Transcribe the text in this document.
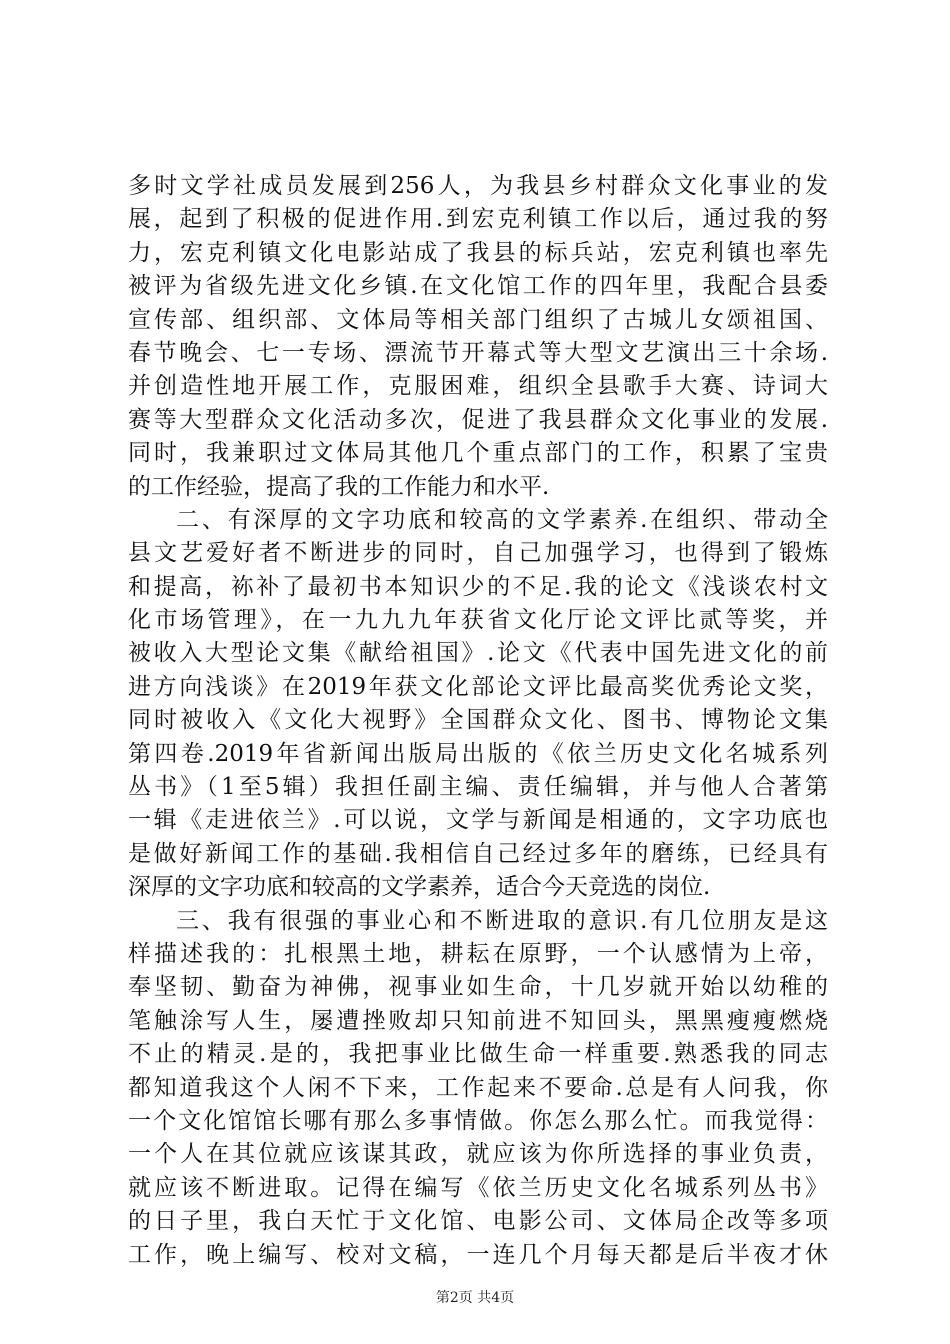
多时文学社成员发展到256人，为我县乡村群众文化事业的发
展，起到了积极的促进作用.到宏克利镇工作以后，通过我的努
力，宏克利镇文化电影站成了我县的标兵站，宏克利镇也率先
被评为省级先进文化乡镇.在文化馆工作的四年里，我配合县委
宣传部、组织部、文体局等相关部门组织了古城儿女颂祖国、
春节晚会、七一专场、漂流节开幕式等大型文艺演出三十余场.
并创造性地开展工作，克服困难，组织全县歌手大赛、诗词大
赛等大型群众文化活动多次，促进了我县群众文化事业的发展.
同时，我兼职过文体局其他几个重点部门的工作，积累了宝贵
的工作经验，提高了我的工作能力和水平.
二、有深厚的文字功底和较高的文学素养.在组织、带动全
县文艺爱好者不断进步的同时，自己加强学习，也得到了锻炼
和提高，袮补了最初书本知识少的不足.我的论文《浅谈农村文
化市场管理》，在一九九九年获省文化厅论文评比贰等奖，并
被收入大型论文集《献给祖国》.论文《代表中国先进文化的前
进方向浅谈》在2019年获文化部论文评比最高奖优秀论文奖，
同时被收入《文化大视野》全国群众文化、图书、博物论文集
第四卷.2019年省新闻出版局出版的《依兰历史文化名城系列
丛书》（1至5辑）我担任副主编、责任编辑，并与他人合著第
一辑《走进依兰》.可以说，文学与新闻是相通的，文字功底也
是做好新闻工作的基础.我相信自己经过多年的磨练，已经具有
深厚的文字功底和较高的文学素养，适合今天竞选的岗位.
三、我有很强的事业心和不断进取的意识.有几位朋友是这
样描述我的：扎根黑土地，耕耘在原野，一个认感情为上帝，
奉坚韧、勤奋为神佛，视事业如生命，十几岁就开始以幼稚的
笔触涂写人生，屡遭挫败却只知前进不知回头，黑黑瘦瘦燃烧
不止的精灵.是的，我把事业比做生命一样重要.熟悉我的同志
都知道我这个人闲不下来，工作起来不要命.总是有人问我，你
一个文化馆馆长哪有那么多事情做。你怎么那么忙。而我觉得：
一个人在其位就应该谋其政，就应该为你所选择的事业负责，
就应该不断进取。记得在编写《依兰历史文化名城系列丛书》
的日子里，我白天忙于文化馆、电影公司、文体局企改等多项
工作，晚上编写、校对文稿，一连几个月每天都是后半夜才休
第2页 共4页
